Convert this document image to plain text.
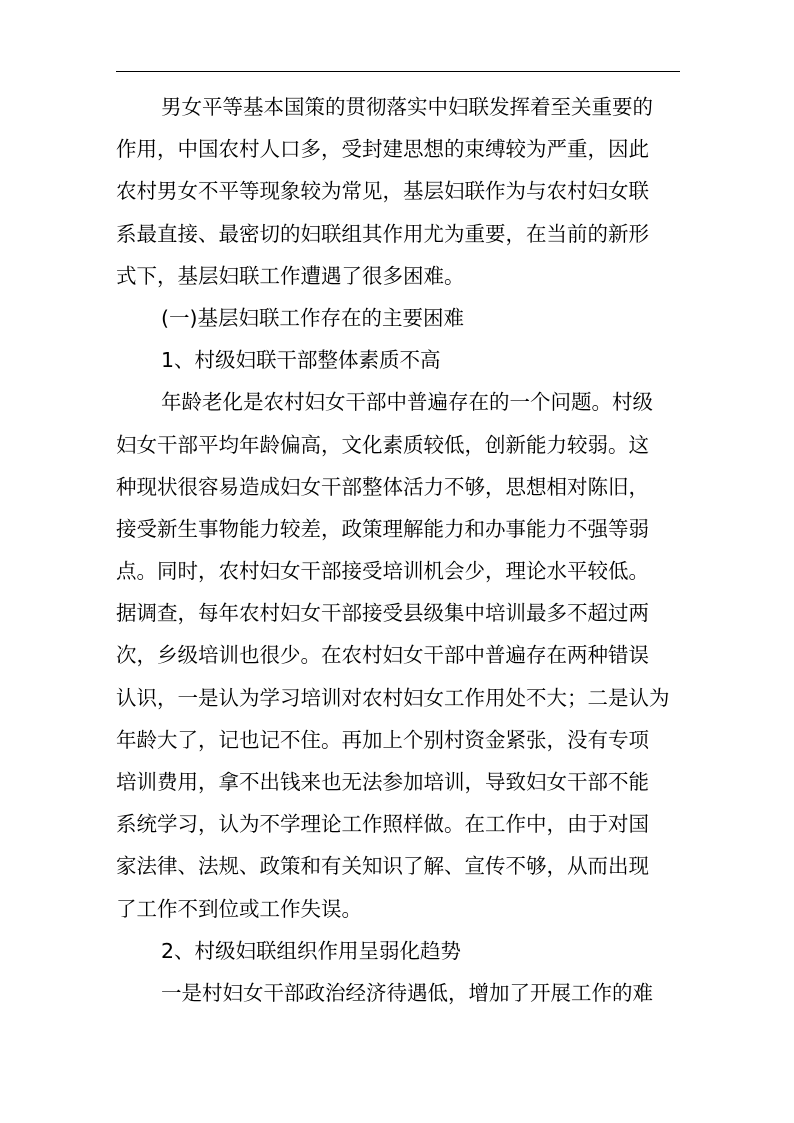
男女平等基本国策的贯彻落实中妇联发挥着至关重要的
作用，中国农村人口多，受封建思想的束缚较为严重，因此
农村男女不平等现象较为常见，基层妇联作为与农村妇女联
系最直接、最密切的妇联组其作用尤为重要，在当前的新形
式下，基层妇联工作遭遇了很多困难。
(一)基层妇联工作存在的主要困难
1、村级妇联干部整体素质不高
年龄老化是农村妇女干部中普遍存在的一个问题。村级
妇女干部平均年龄偏高，文化素质较低，创新能力较弱。这
种现状很容易造成妇女干部整体活力不够，思想相对陈旧，
接受新生事物能力较差，政策理解能力和办事能力不强等弱
点。同时，农村妇女干部接受培训机会少，理论水平较低。
据调查，每年农村妇女干部接受县级集中培训最多不超过两
次，乡级培训也很少。在农村妇女干部中普遍存在两种错误
认识，一是认为学习培训对农村妇女工作用处不大；二是认为
年龄大了，记也记不住。再加上个别村资金紧张，没有专项
培训费用，拿不出钱来也无法参加培训，导致妇女干部不能
系统学习，认为不学理论工作照样做。在工作中，由于对国
家法律、法规、政策和有关知识了解、宣传不够，从而出现
了工作不到位或工作失误。
2、村级妇联组织作用呈弱化趋势
一是村妇女干部政治经济待遇低，增加了开展工作的难
